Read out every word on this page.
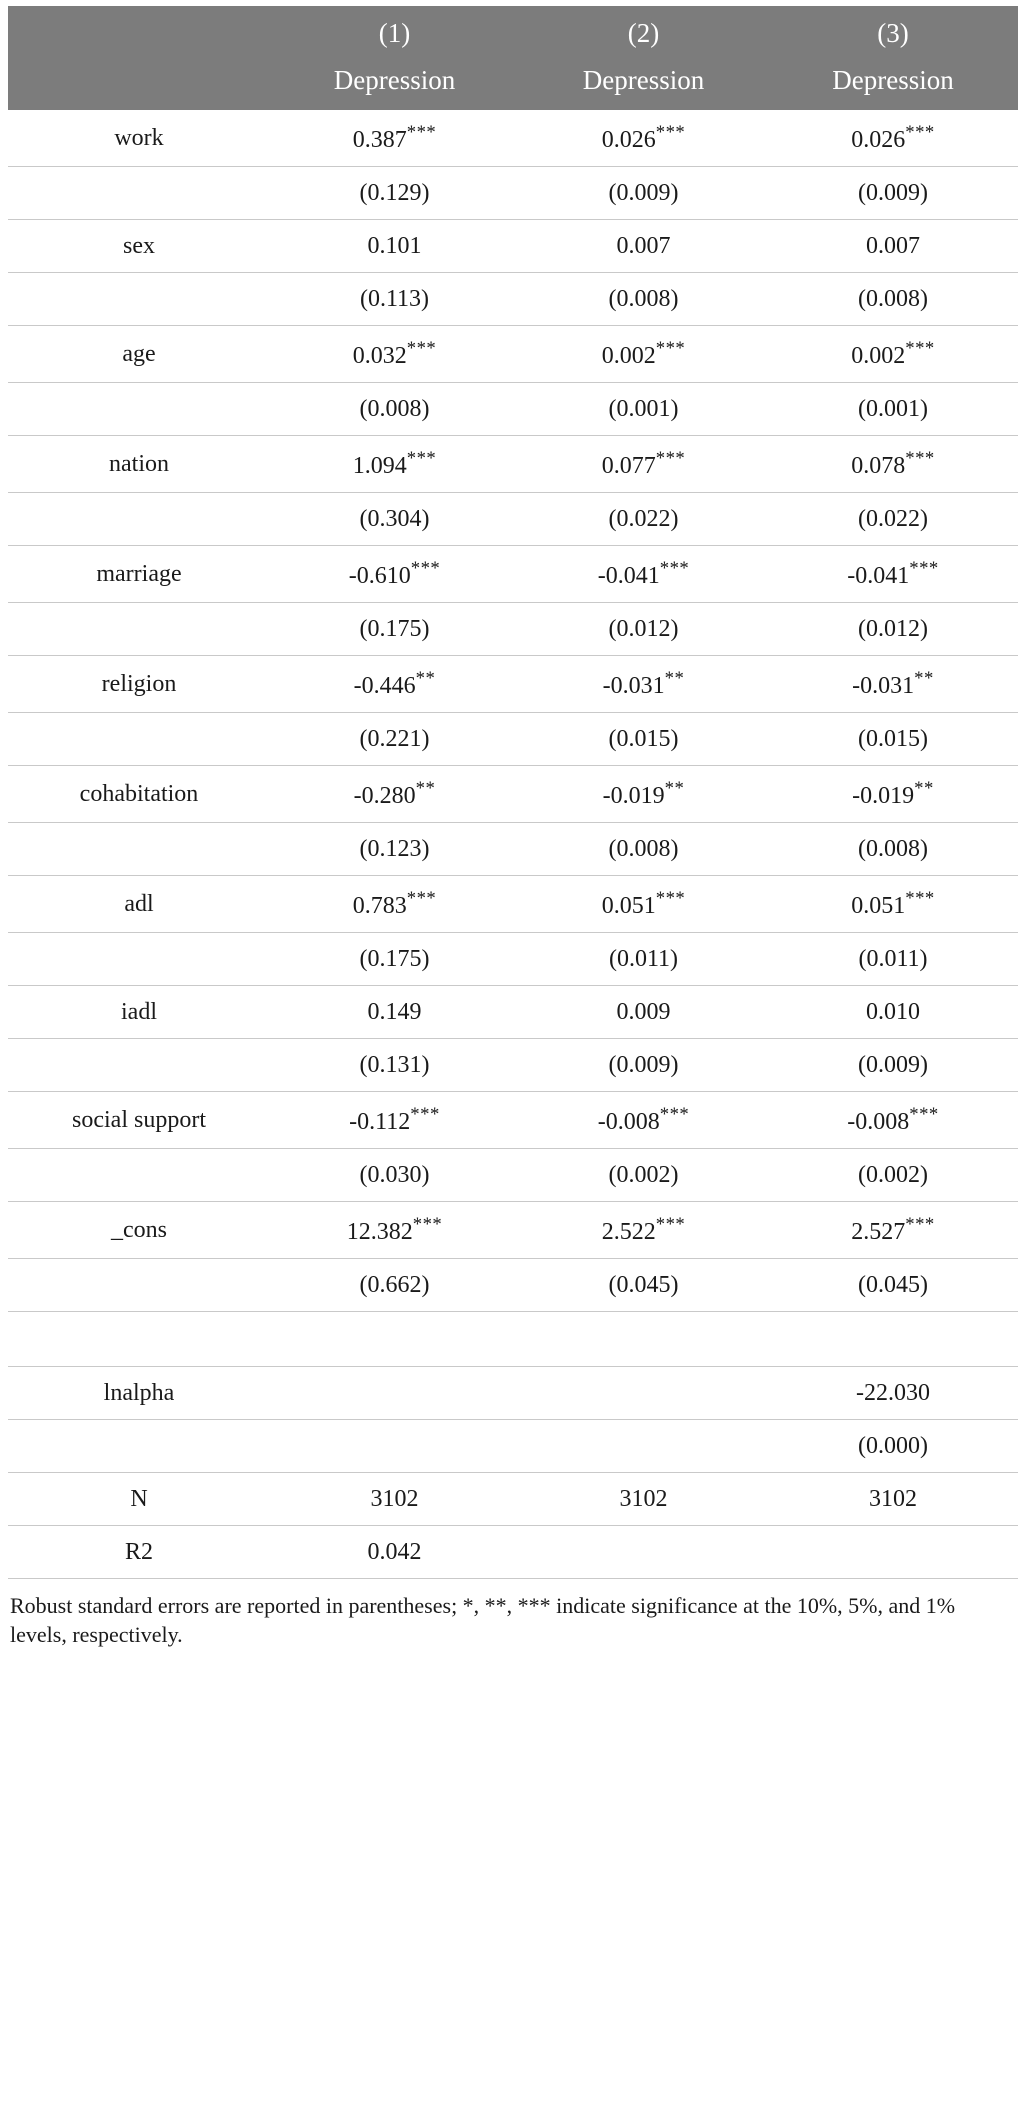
	(1)	(2)	(3)
	Depression	Depression	Depression
work	0.387***	0.026***	0.026***
	(0.129)	(0.009)	(0.009)
sex	0.101	0.007	0.007
	(0.113)	(0.008)	(0.008)
age	0.032***	0.002***	0.002***
	(0.008)	(0.001)	(0.001)
nation	1.094***	0.077***	0.078***
	(0.304)	(0.022)	(0.022)
marriage	-0.610***	-0.041***	-0.041***
	(0.175)	(0.012)	(0.012)
religion	-0.446**	-0.031**	-0.031**
	(0.221)	(0.015)	(0.015)
cohabitation	-0.280**	-0.019**	-0.019**
	(0.123)	(0.008)	(0.008)
adl	0.783***	0.051***	0.051***
	(0.175)	(0.011)	(0.011)
iadl	0.149	0.009	0.010
	(0.131)	(0.009)	(0.009)
social support	-0.112***	-0.008***	-0.008***
	(0.030)	(0.002)	(0.002)
_cons	12.382***	2.522***	2.527***
	(0.662)	(0.045)	(0.045)

lnalpha			-22.030
			(0.000)
N	3102	3102	3102
R2	0.042		
Robust standard errors are reported in parentheses; *, **, *** indicate significance at the 10%, 5%, and 1% levels, respectively.
